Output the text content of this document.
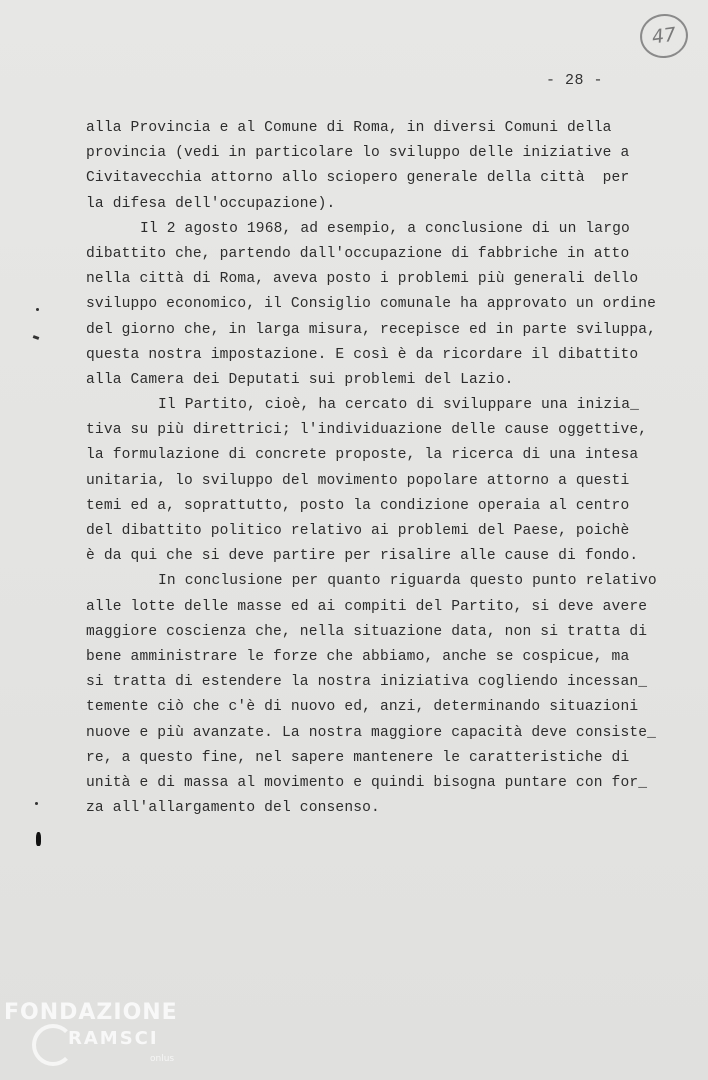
47
- 28 -
alla Provincia e al Comune di Roma, in diversi Comuni della
provincia (vedi in particolare lo sviluppo delle iniziative a
Civitavecchia attorno allo sciopero generale della città  per
la difesa dell'occupazione).
Il 2 agosto 1968, ad esempio, a conclusione di un largo
dibattito che, partendo dall'occupazione di fabbriche in atto
nella città di Roma, aveva posto i problemi più generali dello
sviluppo economico, il Consiglio comunale ha approvato un ordine
del giorno che, in larga misura, recepisce ed in parte sviluppa,
questa nostra impostazione. E così è da ricordare il dibattito
alla Camera dei Deputati sui problemi del Lazio.
Il Partito, cioè, ha cercato di sviluppare una inizia_
tiva su più direttrici; l'individuazione delle cause oggettive,
la formulazione di concrete proposte, la ricerca di una intesa
unitaria, lo sviluppo del movimento popolare attorno a questi
temi ed a, soprattutto, posto la condizione operaia al centro
del dibattito politico relativo ai problemi del Paese, poichè
è da qui che si deve partire per risalire alle cause di fondo.
In conclusione per quanto riguarda questo punto relativo
alle lotte delle masse ed ai compiti del Partito, si deve avere
maggiore coscienza che, nella situazione data, non si tratta di
bene amministrare le forze che abbiamo, anche se cospicue, ma
si tratta di estendere la nostra iniziativa cogliendo incessan_
temente ciò che c'è di nuovo ed, anzi, determinando situazioni
nuove e più avanzate. La nostra maggiore capacità deve consiste_
re, a questo fine, nel sapere mantenere le caratteristiche di
unità e di massa al movimento e quindi bisogna puntare con for_
za all'allargamento del consenso.
FONDAZIONE
RAMSCI
onlus
